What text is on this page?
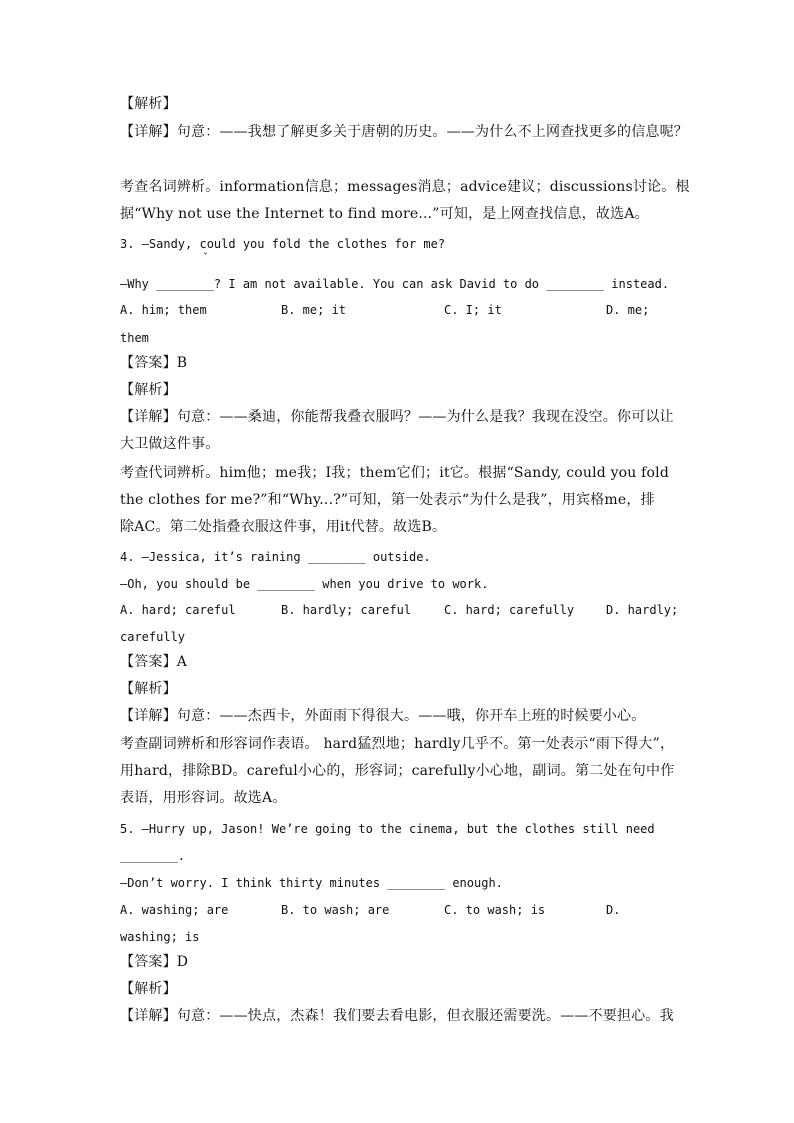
【解析】
【详解】句意：——我想了解更多关于唐朝的历史。——为什么不上网查找更多的信息呢？
考查名词辨析。information信息；messages消息；advice建议；discussions讨论。根
据“Why not use the Internet to find more...”可知，是上网查找信息，故选A。
3. —Sandy, could you fold the clothes for me?
ˇ
—Why ________? I am not available. You can ask David to do ________ instead.
A. him; them	B. me; it	C. I; it	D. me;
them
【答案】B
【解析】
【详解】句意：——桑迪，你能帮我叠衣服吗？——为什么是我？我现在没空。你可以让
大卫做这件事。
考查代词辨析。him他；me我；I我；them它们；it它。根据“Sandy, could you fold
the clothes for me?”和“Why...?”可知，第一处表示“为什么是我”，用宾格me，排
除AC。第二处指叠衣服这件事，用it代替。故选B。
4. —Jessica, it’s raining ________ outside.
—Oh, you should be ________ when you drive to work.
A. hard; careful	B. hardly; careful	C. hard; carefully	D. hardly;
carefully
【答案】A
【解析】
【详解】句意：——杰西卡，外面雨下得很大。——哦，你开车上班的时候要小心。
考查副词辨析和形容词作表语。 hard猛烈地；hardly几乎不。第一处表示“雨下得大”，
用hard，排除BD。careful小心的，形容词；carefully小心地，副词。第二处在句中作
表语，用形容词。故选A。
5. —Hurry up, Jason! We’re going to the cinema, but the clothes still need
________.
—Don’t worry. I think thirty minutes ________ enough.
A. washing; are	B. to wash; are	C. to wash; is	D.
washing; is
【答案】D
【解析】
【详解】句意：——快点，杰森！我们要去看电影，但衣服还需要洗。——不要担心。我
